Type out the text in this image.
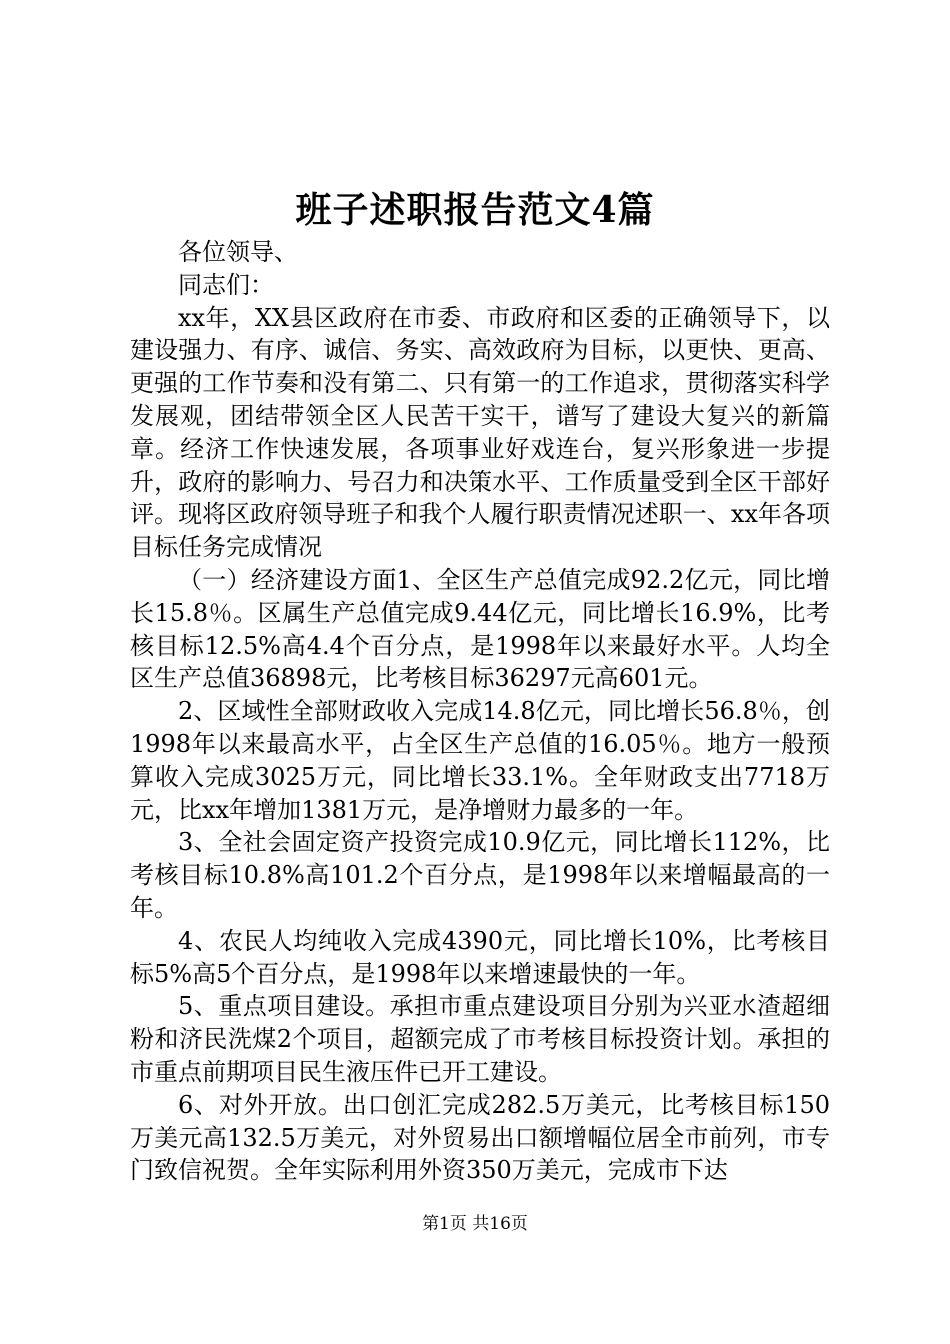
班子述职报告范文4篇

各位领导、

同志们：

xx年，XX县区政府在市委、市政府和区委的正确领导下，以建设强力、有序、诚信、务实、高效政府为目标，以更快、更高、更强的工作节奏和没有第二、只有第一的工作追求，贯彻落实科学发展观，团结带领全区人民苦干实干，谱写了建设大复兴的新篇章。经济工作快速发展，各项事业好戏连台，复兴形象进一步提升，政府的影响力、号召力和决策水平、工作质量受到全区干部好评。现将区政府领导班子和我个人履行职责情况述职一、xx年各项目标任务完成情况

（一）经济建设方面1、全区生产总值完成92.2亿元，同比增长15.8％。区属生产总值完成9.44亿元，同比增长16.9%，比考核目标12.5%高4.4个百分点，是1998年以来最好水平。人均全区生产总值36898元，比考核目标36297元高601元。

2、区域性全部财政收入完成14.8亿元，同比增长56.8％，创1998年以来最高水平，占全区生产总值的16.05％。地方一般预算收入完成3025万元，同比增长33.1%。全年财政支出7718万元，比xx年增加1381万元，是净增财力最多的一年。

3、全社会固定资产投资完成10.9亿元，同比增长112%，比考核目标10.8%高101.2个百分点，是1998年以来增幅最高的一年。

4、农民人均纯收入完成4390元，同比增长10%，比考核目标5%高5个百分点，是1998年以来增速最快的一年。

5、重点项目建设。承担市重点建设项目分别为兴亚水渣超细粉和济民洗煤2个项目，超额完成了市考核目标投资计划。承担的市重点前期项目民生液压件已开工建设。

6、对外开放。出口创汇完成282.5万美元，比考核目标150万美元高132.5万美元，对外贸易出口额增幅位居全市前列，市专门致信祝贺。全年实际利用外资350万美元，完成市下达

第1页 共16页
